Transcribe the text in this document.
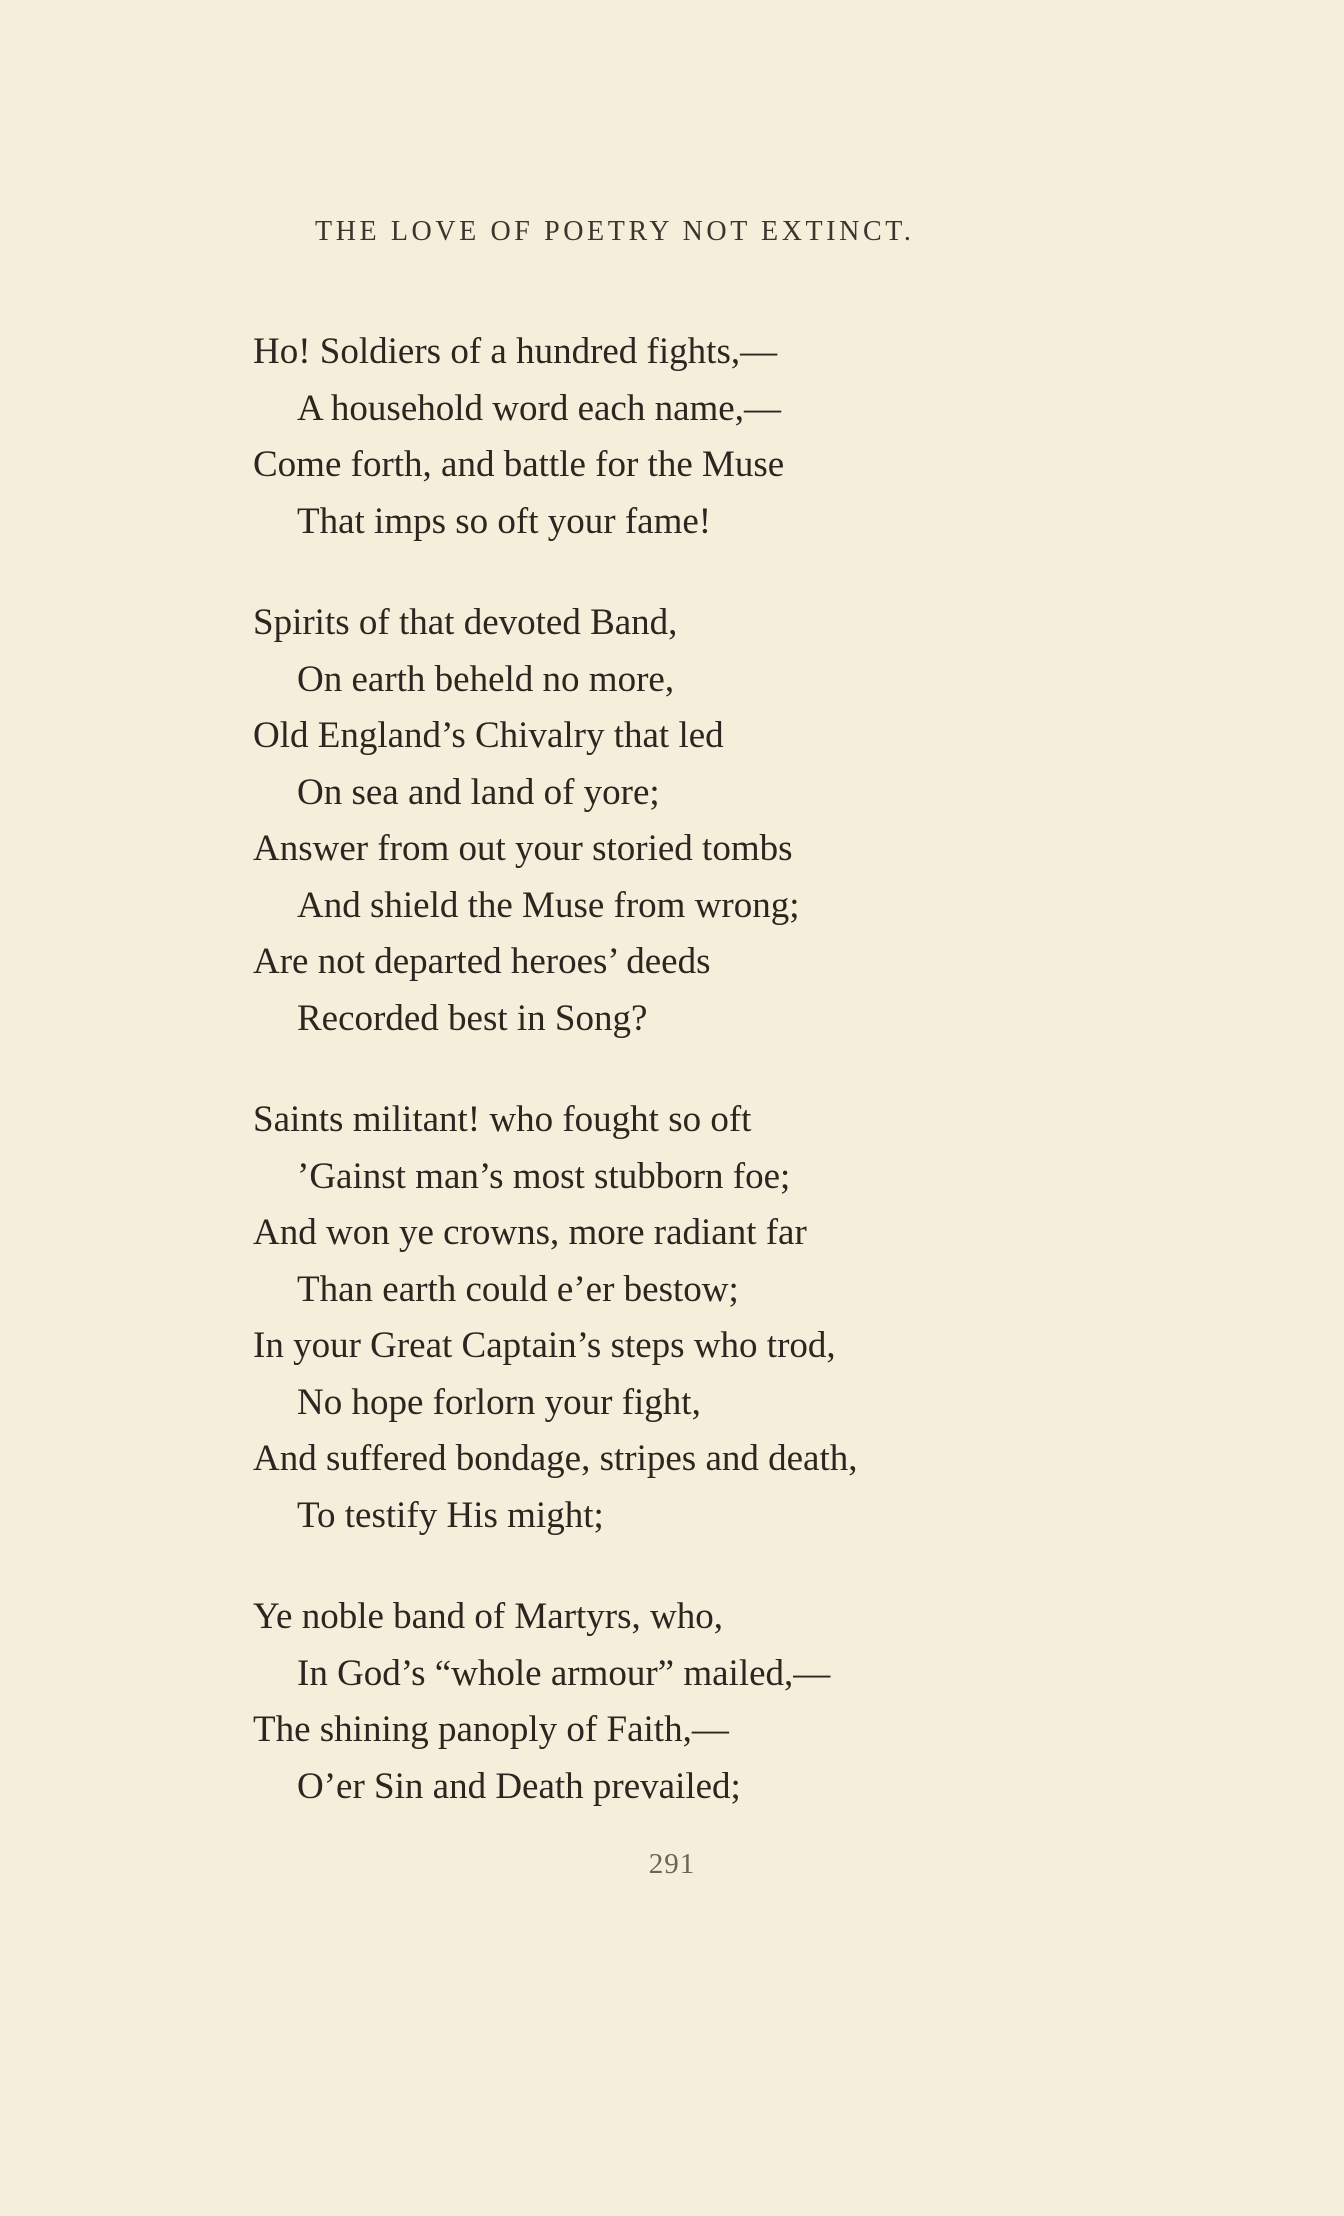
THE LOVE OF POETRY NOT EXTINCT.
Ho! Soldiers of a hundred fights,—
A household word each name,—
Come forth, and battle for the Muse
That imps so oft your fame!
Spirits of that devoted Band,
On earth beheld no more,
Old England’s Chivalry that led
On sea and land of yore;
Answer from out your storied tombs
And shield the Muse from wrong;
Are not departed heroes’ deeds
Recorded best in Song?
Saints militant! who fought so oft
’Gainst man’s most stubborn foe;
And won ye crowns, more radiant far
Than earth could e’er bestow;
In your Great Captain’s steps who trod,
No hope forlorn your fight,
And suffered bondage, stripes and death,
To testify His might;
Ye noble band of Martyrs, who,
In God’s “whole armour” mailed,—
The shining panoply of Faith,—
O’er Sin and Death prevailed;
291
